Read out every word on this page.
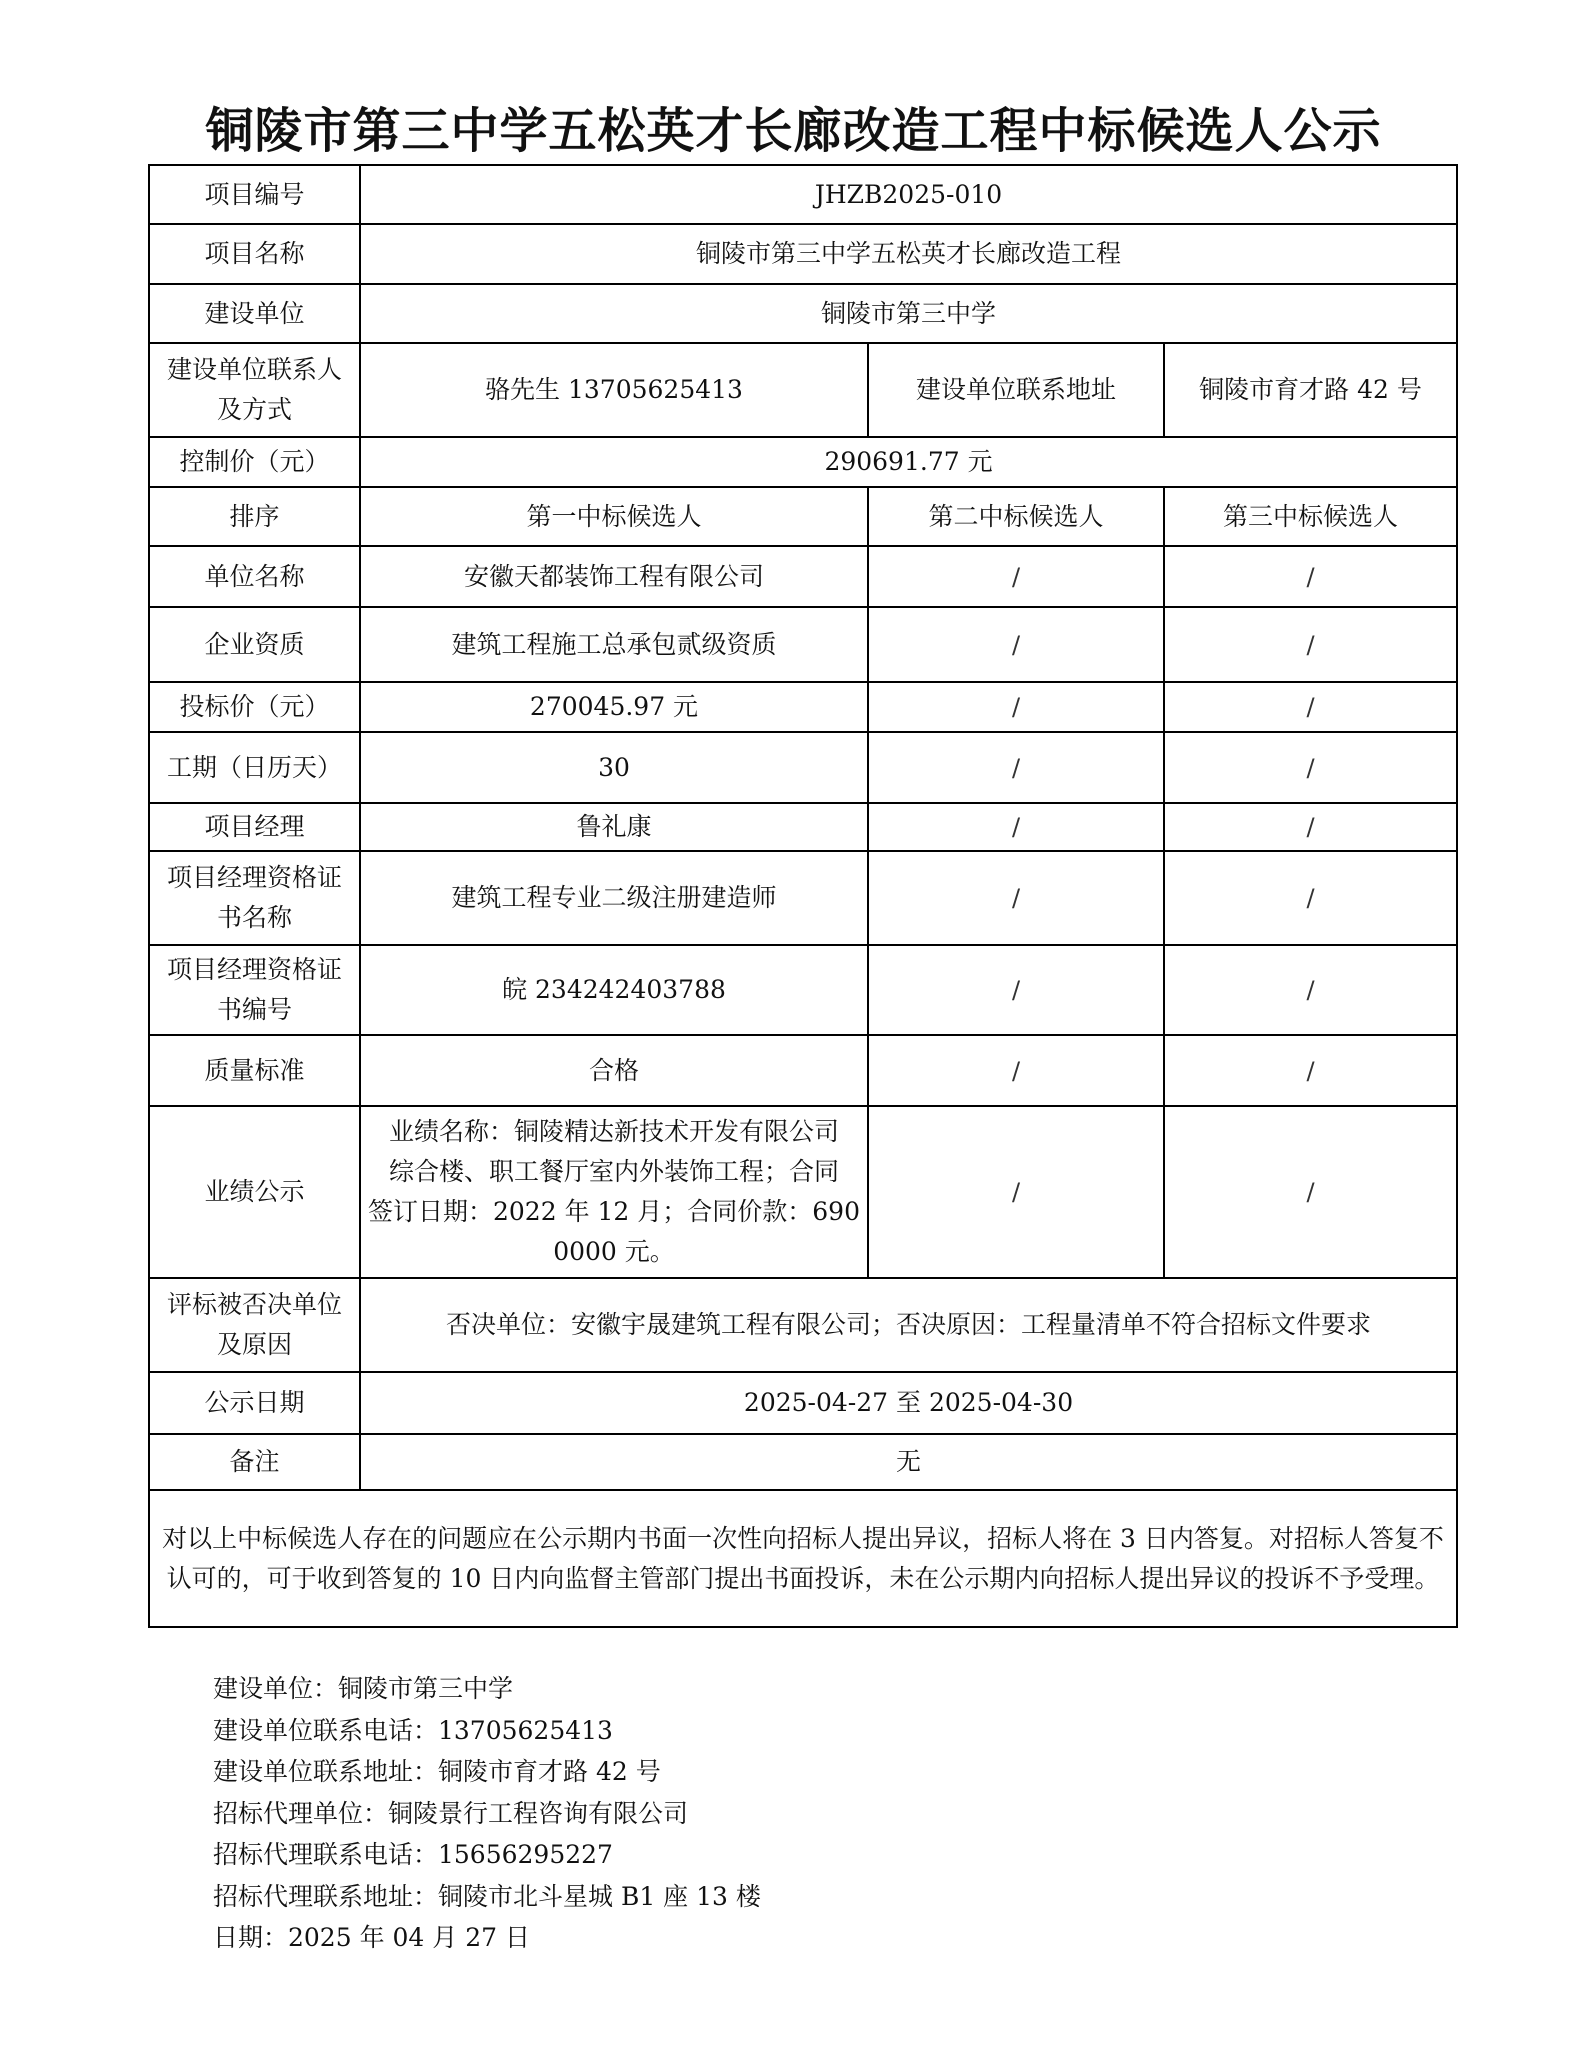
铜陵市第三中学五松英才长廊改造工程中标候选人公示
项目编号	JHZB2025-010		
项目名称	铜陵市第三中学五松英才长廊改造工程		
建设单位	铜陵市第三中学		

建设单位联系人
及方式	骆先生 13705625413	建设单位联系地址	铜陵市育才路 42 号
控制价（元）	290691.77 元		
排序	第一中标候选人	第二中标候选人	第三中标候选人
单位名称	安徽天都装饰工程有限公司	/	/
企业资质	建筑工程施工总承包贰级资质	/	/
投标价（元）	270045.97 元	/	/
工期（日历天）	30	/	/
项目经理	鲁礼康	/	/

项目经理资格证
书名称	建筑工程专业二级注册建造师	/	/

项目经理资格证
书编号	皖 234242403788	/	/
质量标准	合格	/	/
业绩公示	业绩名称：铜陵精达新技术开发有限公司
综合楼、职工餐厅室内外装饰工程；合同
签订日期：2022 年 12 月；合同价款：690
0000 元。	/	/

评标被否决单位
及原因	否决单位：安徽宇晟建筑工程有限公司；否决原因：工程量清单不符合招标文件要求		
公示日期	2025-04-27 至 2025-04-30		
备注	无		
对以上中标候选人存在的问题应在公示期内书面一次性向招标人提出异议，招标人将在 3 日内答复。对招标人答复不认可的，可于收到答复的 10 日内向监督主管部门提出书面投诉，未在公示期内向招标人提出异议的投诉不予受理。			
建设单位：铜陵市第三中学
建设单位联系电话：13705625413
建设单位联系地址：铜陵市育才路 42 号
招标代理单位：铜陵景行工程咨询有限公司
招标代理联系电话：15656295227
招标代理联系地址：铜陵市北斗星城 B1 座 13 楼
日期：2025 年 04 月 27 日
